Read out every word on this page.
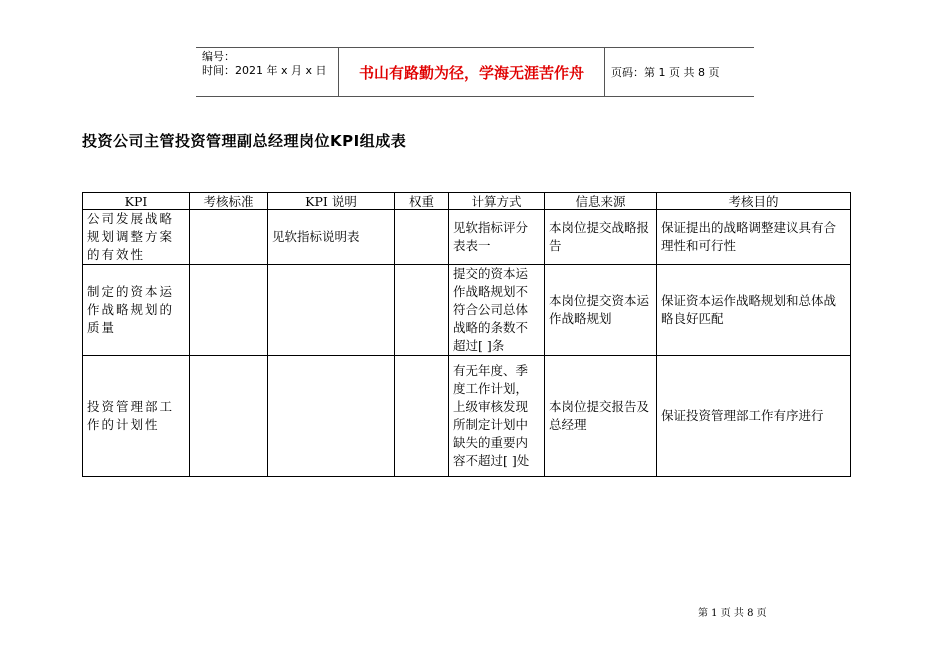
编号：
时间：2021 年 x 月 x 日	书山有路勤为径，学海无涯苦作舟	页码：第 1 页 共 8 页
投资公司主管投资管理副总经理岗位KPI组成表
KPI	考核标准	KPI 说明	权重	计算方式	信息来源	考核目的
公司发展战略规划调整方案的有效性		见软指标说明表		见软指标评分表表一	本岗位提交战略报告	保证提出的战略调整建议具有合理性和可行性
制定的资本运作战略规划的质量				提交的资本运作战略规划不符合公司总体战略的条数不超过[ ]条	本岗位提交资本运作战略规划	保证资本运作战略规划和总体战略良好匹配
投资管理部工作的计划性				有无年度、季度工作计划，上级审核发现所制定计划中缺失的重要内容不超过[ ]处	本岗位提交报告及总经理	保证投资管理部工作有序进行
第 1 页 共 8 页
